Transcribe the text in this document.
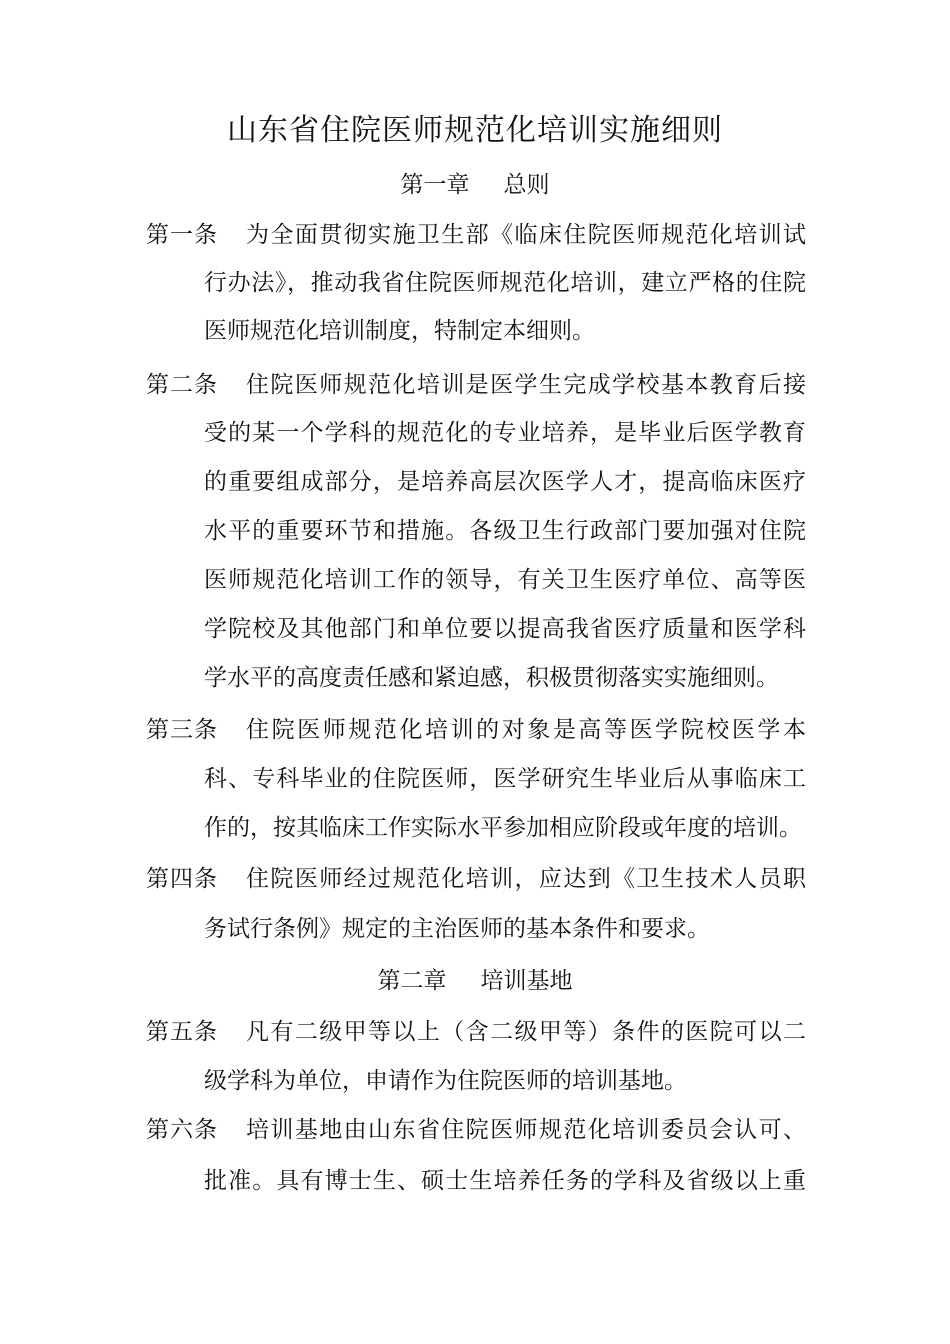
山东省住院医师规范化培训实施细则
第一章 总则
第一条 为全面贯彻实施卫生部《临床住院医师规范化培训试
行办法》，推动我省住院医师规范化培训，建立严格的住院
医师规范化培训制度，特制定本细则。
第二条 住院医师规范化培训是医学生完成学校基本教育后接
受的某一个学科的规范化的专业培养，是毕业后医学教育
的重要组成部分，是培养高层次医学人才，提高临床医疗
水平的重要环节和措施。各级卫生行政部门要加强对住院
医师规范化培训工作的领导，有关卫生医疗单位、高等医
学院校及其他部门和单位要以提高我省医疗质量和医学科
学水平的高度责任感和紧迫感，积极贯彻落实实施细则。
第三条 住院医师规范化培训的对象是高等医学院校医学本
科、专科毕业的住院医师，医学研究生毕业后从事临床工
作的，按其临床工作实际水平参加相应阶段或年度的培训。
第四条 住院医师经过规范化培训，应达到《卫生技术人员职
务试行条例》规定的主治医师的基本条件和要求。
第二章 培训基地
第五条 凡有二级甲等以上（含二级甲等）条件的医院可以二
级学科为单位，申请作为住院医师的培训基地。
第六条 培训基地由山东省住院医师规范化培训委员会认可、
批准。具有博士生、硕士生培养任务的学科及省级以上重
